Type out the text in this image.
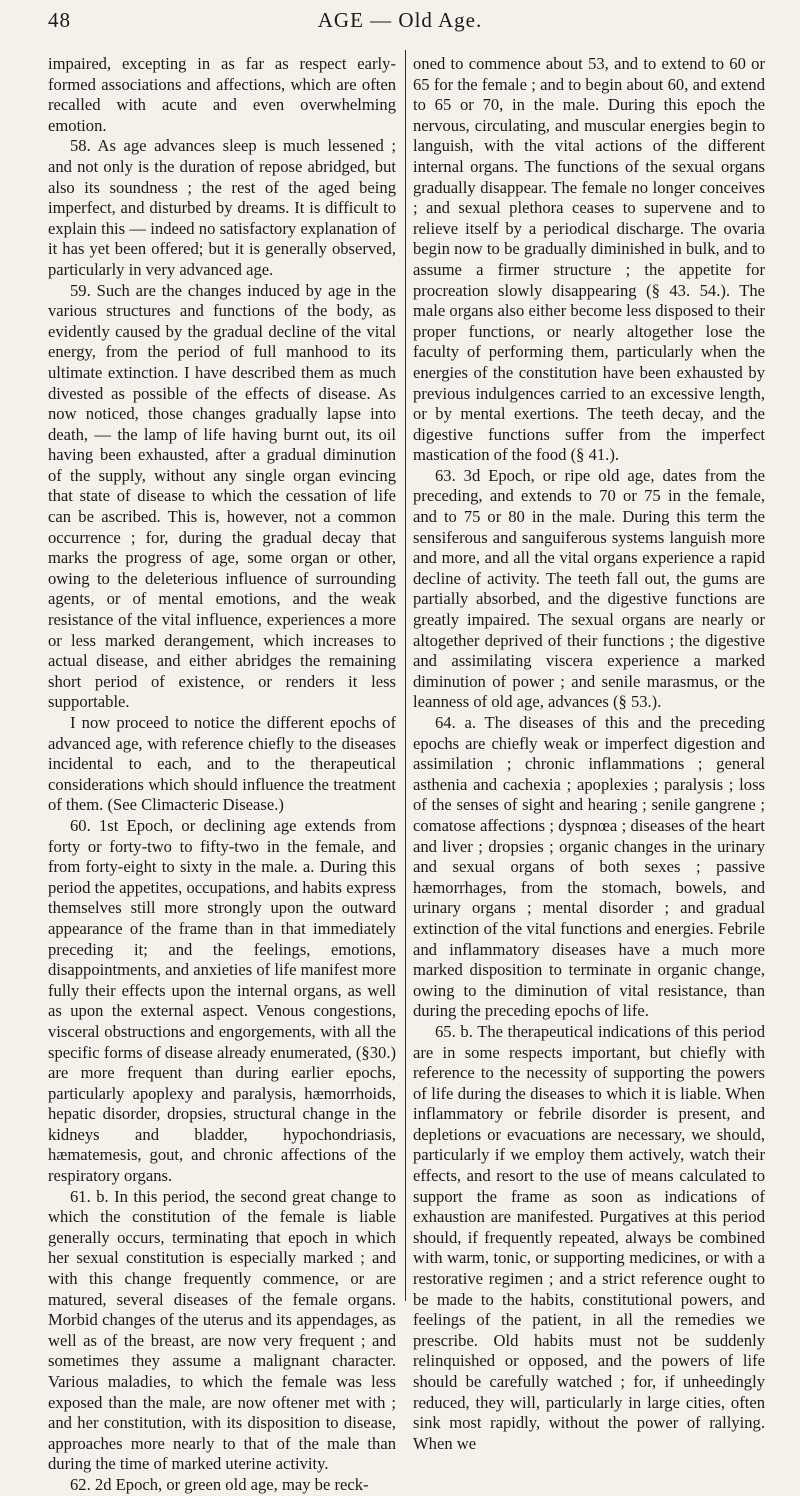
48	AGE — Old Age.

impaired, excepting in as far as respect early-formed associations and affections, which are often recalled with acute and even overwhelming emotion.

58. As age advances sleep is much lessened ; and not only is the duration of repose abridged, but also its soundness ; the rest of the aged being imperfect, and disturbed by dreams. It is difficult to explain this — indeed no satisfactory explanation of it has yet been offered; but it is generally observed, particularly in very advanced age.

59. Such are the changes induced by age in the various structures and functions of the body, as evidently caused by the gradual decline of the vital energy, from the period of full manhood to its ultimate extinction. I have described them as much divested as possible of the effects of disease. As now noticed, those changes gradually lapse into death, — the lamp of life having burnt out, its oil having been exhausted, after a gradual diminution of the supply, without any single organ evincing that state of disease to which the cessation of life can be ascribed. This is, however, not a common occurrence ; for, during the gradual decay that marks the progress of age, some organ or other, owing to the deleterious influence of surrounding agents, or of mental emotions, and the weak resistance of the vital influence, experiences a more or less marked derangement, which increases to actual disease, and either abridges the remaining short period of existence, or renders it less supportable.

I now proceed to notice the different epochs of advanced age, with reference chiefly to the diseases incidental to each, and to the therapeutical considerations which should influence the treatment of them. (See Climacteric Disease.)

60. 1st Epoch, or declining age extends from forty or forty-two to fifty-two in the female, and from forty-eight to sixty in the male. a. During this period the appetites, occupations, and habits express themselves still more strongly upon the outward appearance of the frame than in that immediately preceding it; and the feelings, emotions, disappointments, and anxieties of life manifest more fully their effects upon the internal organs, as well as upon the external aspect. Venous congestions, visceral obstructions and engorgements, with all the specific forms of disease already enumerated, (§30.) are more frequent than during earlier epochs, particularly apoplexy and paralysis, hæmorrhoids, hepatic disorder, dropsies, structural change in the kidneys and bladder, hypochondriasis, hæmatemesis, gout, and chronic affections of the respiratory organs.

61. b. In this period, the second great change to which the constitution of the female is liable generally occurs, terminating that epoch in which her sexual constitution is especially marked ; and with this change frequently commence, or are matured, several diseases of the female organs. Morbid changes of the uterus and its appendages, as well as of the breast, are now very frequent ; and sometimes they assume a malignant character. Various maladies, to which the female was less exposed than the male, are now oftener met with ; and her constitution, with its disposition to disease, approaches more nearly to that of the male than during the time of marked uterine activity.

62. 2d Epoch, or green old age, may be reck-

oned to commence about 53, and to extend to 60 or 65 for the female ; and to begin about 60, and extend to 65 or 70, in the male. During this epoch the nervous, circulating, and muscular energies begin to languish, with the vital actions of the different internal organs. The functions of the sexual organs gradually disappear. The female no longer conceives ; and sexual plethora ceases to supervene and to relieve itself by a periodical discharge. The ovaria begin now to be gradually diminished in bulk, and to assume a firmer structure ; the appetite for procreation slowly disappearing (§ 43. 54.). The male organs also either become less disposed to their proper functions, or nearly altogether lose the faculty of performing them, particularly when the energies of the constitution have been exhausted by previous indulgences carried to an excessive length, or by mental exertions. The teeth decay, and the digestive functions suffer from the imperfect mastication of the food (§ 41.).

63. 3d Epoch, or ripe old age, dates from the preceding, and extends to 70 or 75 in the female, and to 75 or 80 in the male. During this term the sensiferous and sanguiferous systems languish more and more, and all the vital organs experience a rapid decline of activity. The teeth fall out, the gums are partially absorbed, and the digestive functions are greatly impaired. The sexual organs are nearly or altogether deprived of their functions ; the digestive and assimilating viscera experience a marked diminution of power ; and senile marasmus, or the leanness of old age, advances (§ 53.).

64. a. The diseases of this and the preceding epochs are chiefly weak or imperfect digestion and assimilation ; chronic inflammations ; general asthenia and cachexia ; apoplexies ; paralysis ; loss of the senses of sight and hearing ; senile gangrene ; comatose affections ; dyspnœa ; diseases of the heart and liver ; dropsies ; organic changes in the urinary and sexual organs of both sexes ; passive hæmorrhages, from the stomach, bowels, and urinary organs ; mental disorder ; and gradual extinction of the vital functions and energies. Febrile and inflammatory diseases have a much more marked disposition to terminate in organic change, owing to the diminution of vital resistance, than during the preceding epochs of life.

65. b. The therapeutical indications of this period are in some respects important, but chiefly with reference to the necessity of supporting the powers of life during the diseases to which it is liable. When inflammatory or febrile disorder is present, and depletions or evacuations are necessary, we should, particularly if we employ them actively, watch their effects, and resort to the use of means calculated to support the frame as soon as indications of exhaustion are manifested. Purgatives at this period should, if frequently repeated, always be combined with warm, tonic, or supporting medicines, or with a restorative regimen ; and a strict reference ought to be made to the habits, constitutional powers, and feelings of the patient, in all the remedies we prescribe. Old habits must not be suddenly relinquished or opposed, and the powers of life should be carefully watched ; for, if unheedingly reduced, they will, particularly in large cities, often sink most rapidly, without the power of rallying. When we
